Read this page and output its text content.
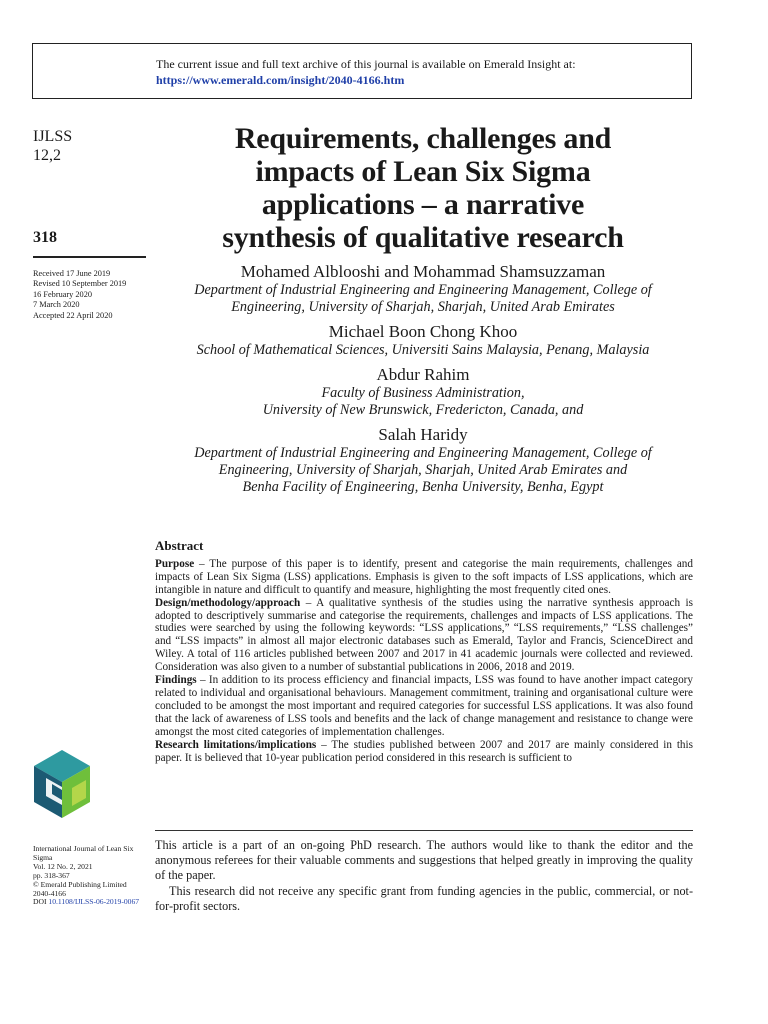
The current issue and full text archive of this journal is available on Emerald Insight at:
https://www.emerald.com/insight/2040-4166.htm
IJLSS
12,2
318
Received 17 June 2019
Revised 10 September 2019
16 February 2020
7 March 2020
Accepted 22 April 2020
Requirements, challenges and
impacts of Lean Six Sigma
applications – a narrative
synthesis of qualitative research
Mohamed Alblooshi and Mohammad Shamsuzzaman
Department of Industrial Engineering and Engineering Management, College of
Engineering, University of Sharjah, Sharjah, United Arab Emirates
Michael Boon Chong Khoo
School of Mathematical Sciences, Universiti Sains Malaysia, Penang, Malaysia
Abdur Rahim
Faculty of Business Administration,
University of New Brunswick, Fredericton, Canada, and
Salah Haridy
Department of Industrial Engineering and Engineering Management, College of
Engineering, University of Sharjah, Sharjah, United Arab Emirates and
Benha Facility of Engineering, Benha University, Benha, Egypt
Abstract

Purpose – The purpose of this paper is to identify, present and categorise the main requirements, challenges and impacts of Lean Six Sigma (LSS) applications. Emphasis is given to the soft impacts of LSS applications, which are intangible in nature and difficult to quantify and measure, highlighting the most frequently cited ones.

Design/methodology/approach – A qualitative synthesis of the studies using the narrative synthesis approach is adopted to descriptively summarise and categorise the requirements, challenges and impacts of LSS applications. The studies were searched by using the following keywords: “LSS applications,” “LSS requirements,” “LSS challenges” and “LSS impacts” in almost all major electronic databases such as Emerald, Taylor and Francis, ScienceDirect and Wiley. A total of 116 articles published between 2007 and 2017 in 41 academic journals were collected and reviewed. Consideration was also given to a number of substantial publications in 2006, 2018 and 2019.

Findings – In addition to its process efficiency and financial impacts, LSS was found to have another impact category related to individual and organisational behaviours. Management commitment, training and organisational culture were concluded to be amongst the most important and required categories for successful LSS applications. It was also found that the lack of awareness of LSS tools and benefits and the lack of change management and resistance to change were amongst the most cited categories of implementation challenges.

Research limitations/implications – The studies published between 2007 and 2017 are mainly considered in this paper. It is believed that 10-year publication period considered in this research is sufficient to

International Journal of Lean Six
Sigma
Vol. 12 No. 2, 2021
pp. 318-367
© Emerald Publishing Limited
2040-4166
DOI 10.1108/IJLSS-06-2019-0067

This article is a part of an on-going PhD research. The authors would like to thank the editor and the anonymous referees for their valuable comments and suggestions that helped greatly in improving the quality of the paper.

This research did not receive any specific grant from funding agencies in the public, commercial, or not-for-profit sectors.
